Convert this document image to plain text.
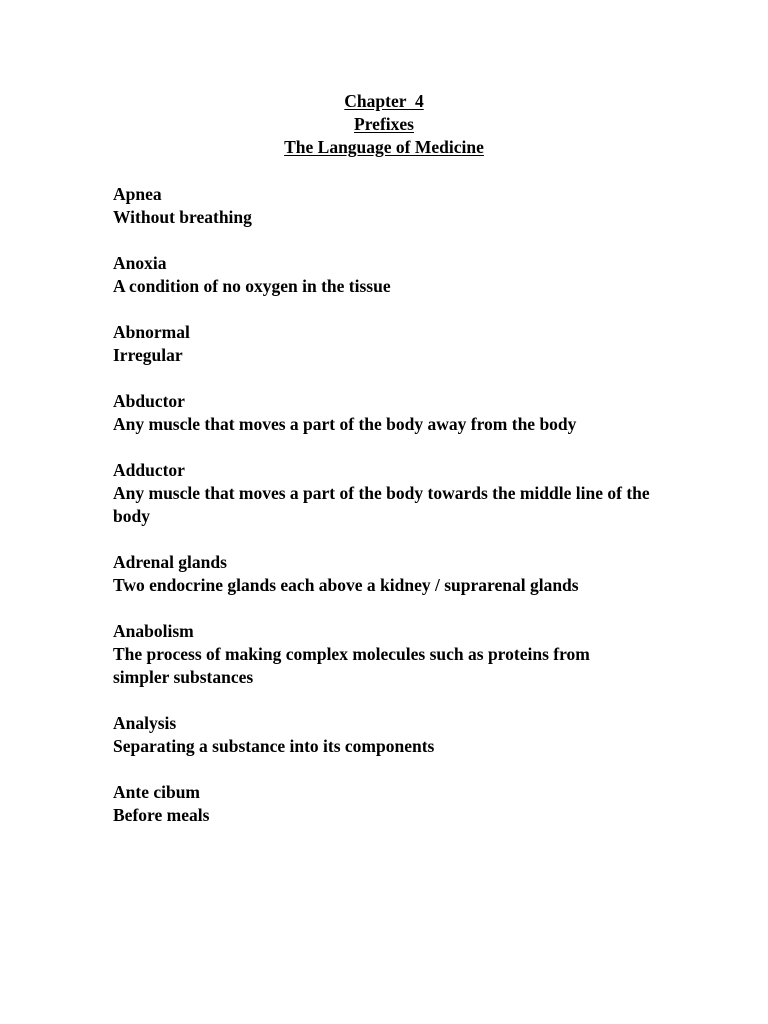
Chapter  4
Prefixes
The Language of Medicine
Apnea
Without breathing
Anoxia
A condition of no oxygen in the tissue
Abnormal
Irregular
Abductor
Any muscle that moves a part of the body away from the body
Adductor
Any muscle that moves a part of the body towards the middle line of the body
Adrenal glands
Two endocrine glands each above a kidney / suprarenal glands
Anabolism
The process of making complex molecules such as proteins from simpler substances
Analysis
Separating a substance into its components
Ante cibum
Before meals
